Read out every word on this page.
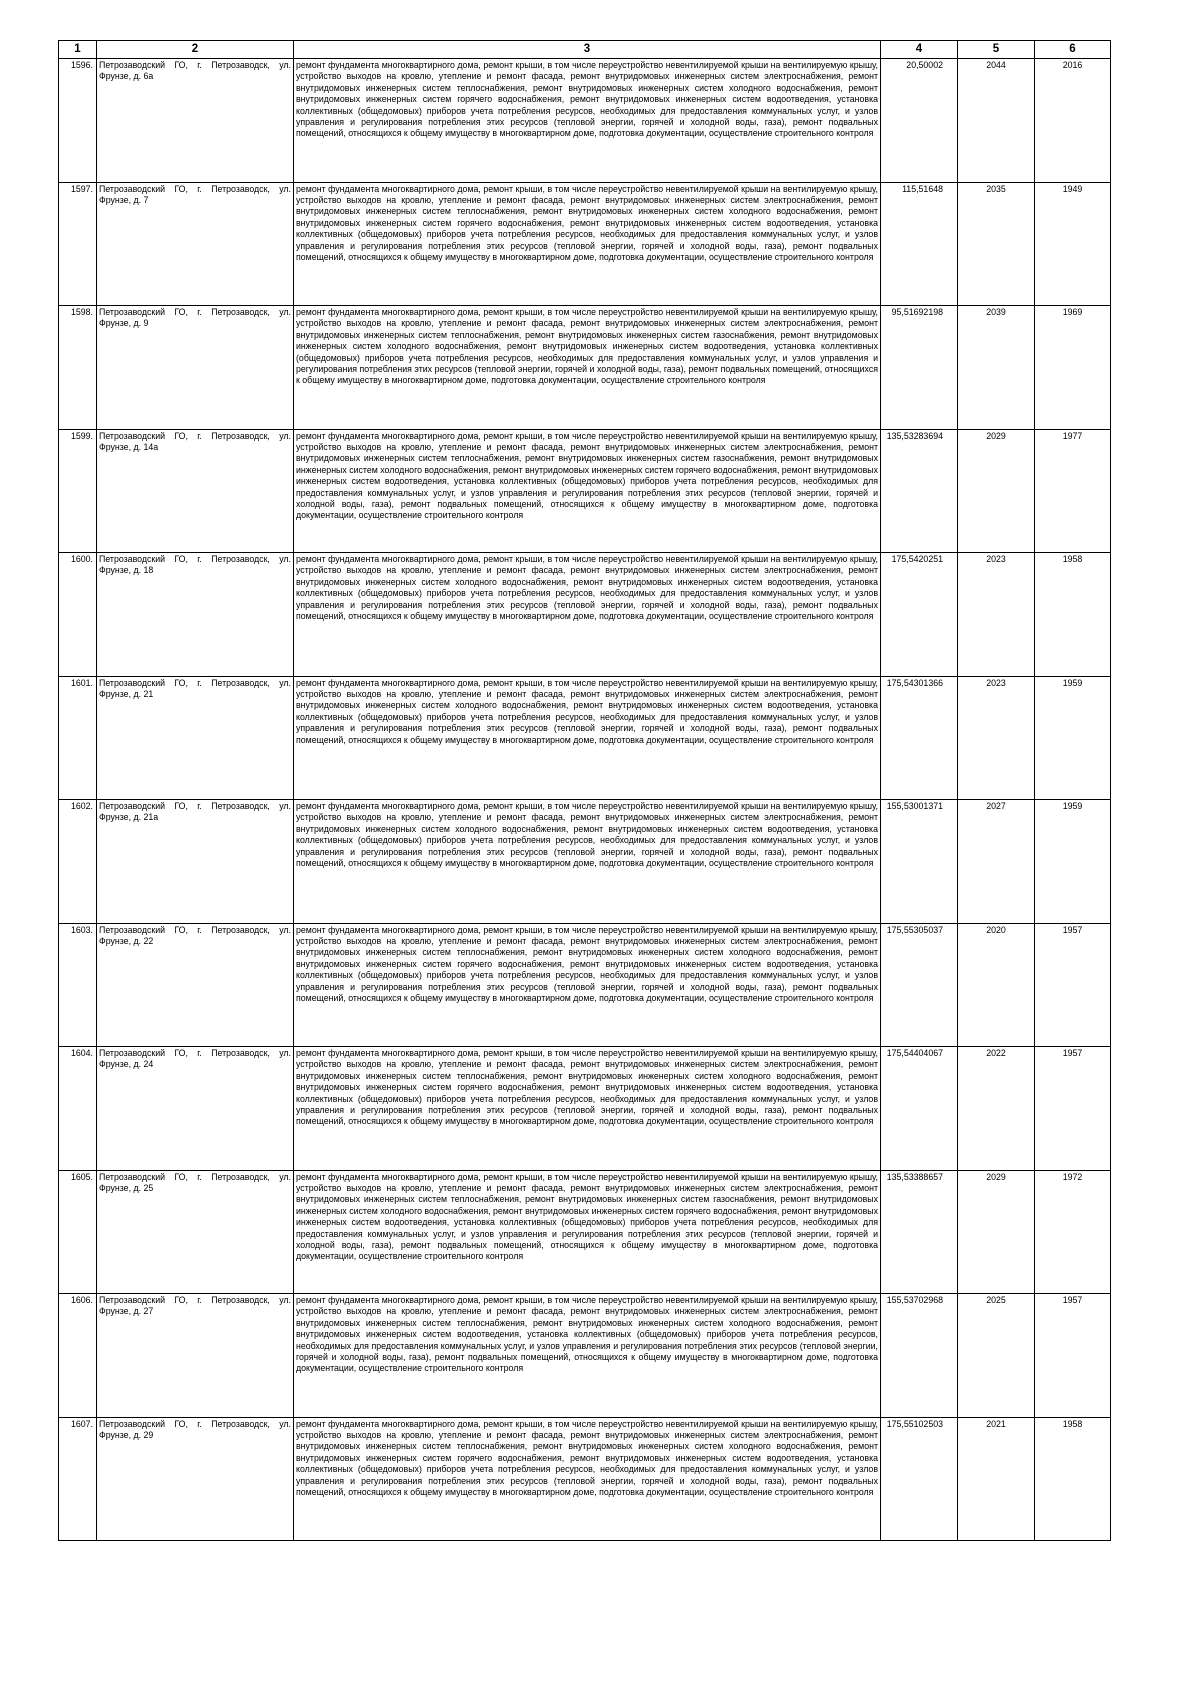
1	2	3	4	5	6
1596.	Петрозаводский ГО, г. Петрозаводск, ул. Фрунзе, д. 6а	ремонт фундамента многоквартирного дома, ремонт крыши, в том числе переустройство невентилируемой крыши на вентилируемую крышу, устройство выходов на кровлю, утепление и ремонт фасада, ремонт внутридомовых инженерных систем электроснабжения, ремонт внутридомовых инженерных систем теплоснабжения, ремонт внутридомовых инженерных систем холодного водоснабжения, ремонт внутридомовых инженерных систем горячего водоснабжения, ремонт внутридомовых инженерных систем водоотведения, установка коллективных (общедомовых) приборов учета потребления ресурсов, необходимых для предоставления коммунальных услуг, и узлов управления и регулирования потребления этих ресурсов (тепловой энергии, горячей и холодной воды, газа), ремонт подвальных помещений, относящихся к общему имуществу в многоквартирном доме, подготовка документации, осуществление строительного контроля	20,50002	2044	2016
1597.	Петрозаводский ГО, г. Петрозаводск, ул. Фрунзе, д. 7	ремонт фундамента многоквартирного дома, ремонт крыши, в том числе переустройство невентилируемой крыши на вентилируемую крышу, устройство выходов на кровлю, утепление и ремонт фасада, ремонт внутридомовых инженерных систем электроснабжения, ремонт внутридомовых инженерных систем теплоснабжения, ремонт внутридомовых инженерных систем холодного водоснабжения, ремонт внутридомовых инженерных систем горячего водоснабжения, ремонт внутридомовых инженерных систем водоотведения, установка коллективных (общедомовых) приборов учета потребления ресурсов, необходимых для предоставления коммунальных услуг, и узлов управления и регулирования потребления этих ресурсов (тепловой энергии, горячей и холодной воды, газа), ремонт подвальных помещений, относящихся к общему имуществу в многоквартирном доме, подготовка документации, осуществление строительного контроля	115,51648	2035	1949
1598.	Петрозаводский ГО, г. Петрозаводск, ул. Фрунзе, д. 9	ремонт фундамента многоквартирного дома, ремонт крыши, в том числе переустройство невентилируемой крыши на вентилируемую крышу, устройство выходов на кровлю, утепление и ремонт фасада, ремонт внутридомовых инженерных систем электроснабжения, ремонт внутридомовых инженерных систем теплоснабжения, ремонт внутридомовых инженерных систем газоснабжения, ремонт внутридомовых инженерных систем холодного водоснабжения, ремонт внутридомовых инженерных систем водоотведения, установка коллективных (общедомовых) приборов учета потребления ресурсов, необходимых для предоставления коммунальных услуг, и узлов управления и регулирования потребления этих ресурсов (тепловой энергии, горячей и холодной воды, газа), ремонт подвальных помещений, относящихся к общему имуществу в многоквартирном доме, подготовка документации, осуществление строительного контроля	95,51692198	2039	1969
1599.	Петрозаводский ГО, г. Петрозаводск, ул. Фрунзе, д. 14а	ремонт фундамента многоквартирного дома, ремонт крыши, в том числе переустройство невентилируемой крыши на вентилируемую крышу, устройство выходов на кровлю, утепление и ремонт фасада, ремонт внутридомовых инженерных систем электроснабжения, ремонт внутридомовых инженерных систем теплоснабжения, ремонт внутридомовых инженерных систем газоснабжения, ремонт внутридомовых инженерных систем холодного водоснабжения, ремонт внутридомовых инженерных систем горячего водоснабжения, ремонт внутридомовых инженерных систем водоотведения, установка коллективных (общедомовых) приборов учета потребления ресурсов, необходимых для предоставления коммунальных услуг, и узлов управления и регулирования потребления этих ресурсов (тепловой энергии, горячей и холодной воды, газа), ремонт подвальных помещений, относящихся к общему имуществу в многоквартирном доме, подготовка документации, осуществление строительного контроля	135,53283694	2029	1977
1600.	Петрозаводский ГО, г. Петрозаводск, ул. Фрунзе, д. 18	ремонт фундамента многоквартирного дома, ремонт крыши, в том числе переустройство невентилируемой крыши на вентилируемую крышу, устройство выходов на кровлю, утепление и ремонт фасада, ремонт внутридомовых инженерных систем электроснабжения, ремонт внутридомовых инженерных систем холодного водоснабжения, ремонт внутридомовых инженерных систем водоотведения, установка коллективных (общедомовых) приборов учета потребления ресурсов, необходимых для предоставления коммунальных услуг, и узлов управления и регулирования потребления этих ресурсов (тепловой энергии, горячей и холодной воды, газа), ремонт подвальных помещений, относящихся к общему имуществу в многоквартирном доме, подготовка документации, осуществление строительного контроля	175,5420251	2023	1958
1601.	Петрозаводский ГО, г. Петрозаводск, ул. Фрунзе, д. 21	ремонт фундамента многоквартирного дома, ремонт крыши, в том числе переустройство невентилируемой крыши на вентилируемую крышу, устройство выходов на кровлю, утепление и ремонт фасада, ремонт внутридомовых инженерных систем электроснабжения, ремонт внутридомовых инженерных систем холодного водоснабжения, ремонт внутридомовых инженерных систем водоотведения, установка коллективных (общедомовых) приборов учета потребления ресурсов, необходимых для предоставления коммунальных услуг, и узлов управления и регулирования потребления этих ресурсов (тепловой энергии, горячей и холодной воды, газа), ремонт подвальных помещений, относящихся к общему имуществу в многоквартирном доме, подготовка документации, осуществление строительного контроля	175,54301366	2023	1959
1602.	Петрозаводский ГО, г. Петрозаводск, ул. Фрунзе, д. 21а	ремонт фундамента многоквартирного дома, ремонт крыши, в том числе переустройство невентилируемой крыши на вентилируемую крышу, устройство выходов на кровлю, утепление и ремонт фасада, ремонт внутридомовых инженерных систем электроснабжения, ремонт внутридомовых инженерных систем холодного водоснабжения, ремонт внутридомовых инженерных систем водоотведения, установка коллективных (общедомовых) приборов учета потребления ресурсов, необходимых для предоставления коммунальных услуг, и узлов управления и регулирования потребления этих ресурсов (тепловой энергии, горячей и холодной воды, газа), ремонт подвальных помещений, относящихся к общему имуществу в многоквартирном доме, подготовка документации, осуществление строительного контроля	155,53001371	2027	1959
1603.	Петрозаводский ГО, г. Петрозаводск, ул. Фрунзе, д. 22	ремонт фундамента многоквартирного дома, ремонт крыши, в том числе переустройство невентилируемой крыши на вентилируемую крышу, устройство выходов на кровлю, утепление и ремонт фасада, ремонт внутридомовых инженерных систем электроснабжения, ремонт внутридомовых инженерных систем теплоснабжения, ремонт внутридомовых инженерных систем холодного водоснабжения, ремонт внутридомовых инженерных систем горячего водоснабжения, ремонт внутридомовых инженерных систем водоотведения, установка коллективных (общедомовых) приборов учета потребления ресурсов, необходимых для предоставления коммунальных услуг, и узлов управления и регулирования потребления этих ресурсов (тепловой энергии, горячей и холодной воды, газа), ремонт подвальных помещений, относящихся к общему имуществу в многоквартирном доме, подготовка документации, осуществление строительного контроля	175,55305037	2020	1957
1604.	Петрозаводский ГО, г. Петрозаводск, ул. Фрунзе, д. 24	ремонт фундамента многоквартирного дома, ремонт крыши, в том числе переустройство невентилируемой крыши на вентилируемую крышу, устройство выходов на кровлю, утепление и ремонт фасада, ремонт внутридомовых инженерных систем электроснабжения, ремонт внутридомовых инженерных систем теплоснабжения, ремонт внутридомовых инженерных систем холодного водоснабжения, ремонт внутридомовых инженерных систем горячего водоснабжения, ремонт внутридомовых инженерных систем водоотведения, установка коллективных (общедомовых) приборов учета потребления ресурсов, необходимых для предоставления коммунальных услуг, и узлов управления и регулирования потребления этих ресурсов (тепловой энергии, горячей и холодной воды, газа), ремонт подвальных помещений, относящихся к общему имуществу в многоквартирном доме, подготовка документации, осуществление строительного контроля	175,54404067	2022	1957
1605.	Петрозаводский ГО, г. Петрозаводск, ул. Фрунзе, д. 25	ремонт фундамента многоквартирного дома, ремонт крыши, в том числе переустройство невентилируемой крыши на вентилируемую крышу, устройство выходов на кровлю, утепление и ремонт фасада, ремонт внутридомовых инженерных систем электроснабжения, ремонт внутридомовых инженерных систем теплоснабжения, ремонт внутридомовых инженерных систем газоснабжения, ремонт внутридомовых инженерных систем холодного водоснабжения, ремонт внутридомовых инженерных систем горячего водоснабжения, ремонт внутридомовых инженерных систем водоотведения, установка коллективных (общедомовых) приборов учета потребления ресурсов, необходимых для предоставления коммунальных услуг, и узлов управления и регулирования потребления этих ресурсов (тепловой энергии, горячей и холодной воды, газа), ремонт подвальных помещений, относящихся к общему имуществу в многоквартирном доме, подготовка документации, осуществление строительного контроля	135,53388657	2029	1972
1606.	Петрозаводский ГО, г. Петрозаводск, ул. Фрунзе, д. 27	ремонт фундамента многоквартирного дома, ремонт крыши, в том числе переустройство невентилируемой крыши на вентилируемую крышу, устройство выходов на кровлю, утепление и ремонт фасада, ремонт внутридомовых инженерных систем электроснабжения, ремонт внутридомовых инженерных систем теплоснабжения, ремонт внутридомовых инженерных систем холодного водоснабжения, ремонт внутридомовых инженерных систем водоотведения, установка коллективных (общедомовых) приборов учета потребления ресурсов, необходимых для предоставления коммунальных услуг, и узлов управления и регулирования потребления этих ресурсов (тепловой энергии, горячей и холодной воды, газа), ремонт подвальных помещений, относящихся к общему имуществу в многоквартирном доме, подготовка документации, осуществление строительного контроля	155,53702968	2025	1957
1607.	Петрозаводский ГО, г. Петрозаводск, ул. Фрунзе, д. 29	ремонт фундамента многоквартирного дома, ремонт крыши, в том числе переустройство невентилируемой крыши на вентилируемую крышу, устройство выходов на кровлю, утепление и ремонт фасада, ремонт внутридомовых инженерных систем электроснабжения, ремонт внутридомовых инженерных систем теплоснабжения, ремонт внутридомовых инженерных систем холодного водоснабжения, ремонт внутридомовых инженерных систем горячего водоснабжения, ремонт внутридомовых инженерных систем водоотведения, установка коллективных (общедомовых) приборов учета потребления ресурсов, необходимых для предоставления коммунальных услуг, и узлов управления и регулирования потребления этих ресурсов (тепловой энергии, горячей и холодной воды, газа), ремонт подвальных помещений, относящихся к общему имуществу в многоквартирном доме, подготовка документации, осуществление строительного контроля	175,55102503	2021	1958
